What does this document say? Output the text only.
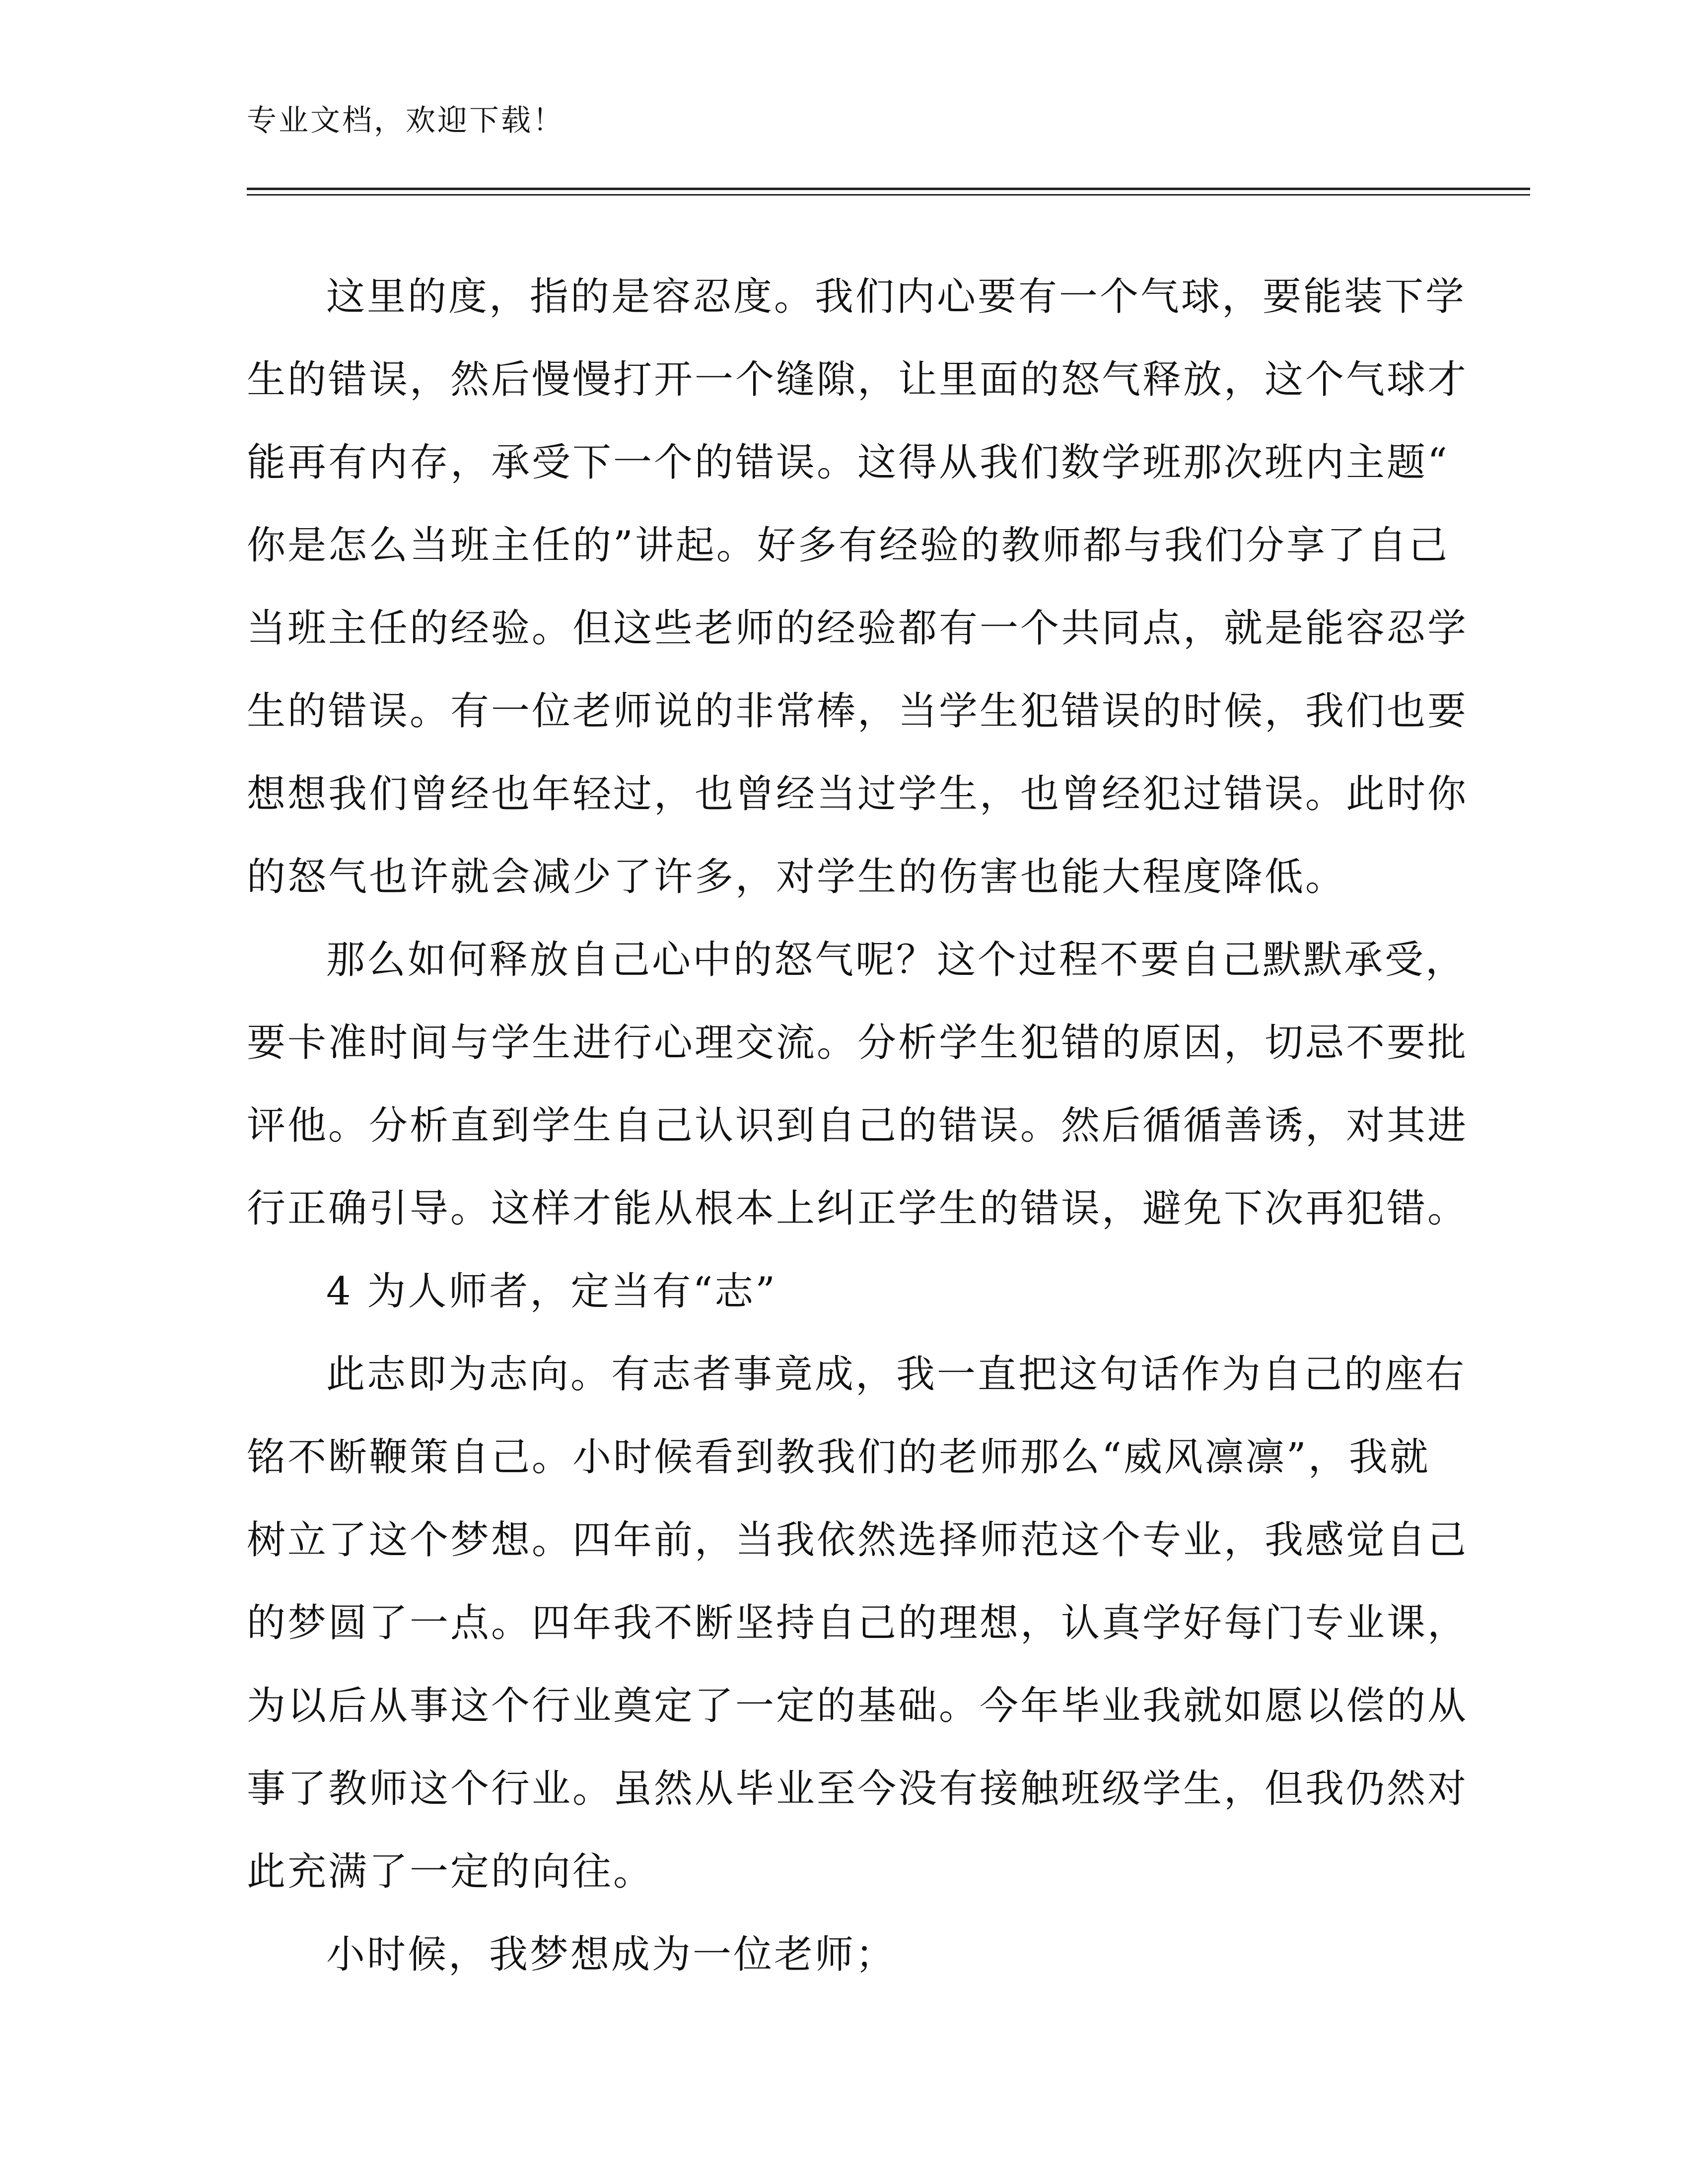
专业文档，欢迎下载！
这里的度，指的是容忍度。我们内心要有一个气球，要能装下学
生的错误，然后慢慢打开一个缝隙，让里面的怒气释放，这个气球才
能再有内存，承受下一个的错误。这得从我们数学班那次班内主题“
你是怎么当班主任的”讲起。好多有经验的教师都与我们分享了自己
当班主任的经验。但这些老师的经验都有一个共同点，就是能容忍学
生的错误。有一位老师说的非常棒，当学生犯错误的时候，我们也要
想想我们曾经也年轻过，也曾经当过学生，也曾经犯过错误。此时你
的怒气也许就会减少了许多，对学生的伤害也能大程度降低。
那么如何释放自己心中的怒气呢？这个过程不要自己默默承受，
要卡准时间与学生进行心理交流。分析学生犯错的原因，切忌不要批
评他。分析直到学生自己认识到自己的错误。然后循循善诱，对其进
行正确引导。这样才能从根本上纠正学生的错误，避免下次再犯错。
4 为人师者，定当有“志”
此志即为志向。有志者事竟成，我一直把这句话作为自己的座右
铭不断鞭策自己。小时候看到教我们的老师那么“威风凛凛”，我就
树立了这个梦想。四年前，当我依然选择师范这个专业，我感觉自己
的梦圆了一点。四年我不断坚持自己的理想，认真学好每门专业课，
为以后从事这个行业奠定了一定的基础。今年毕业我就如愿以偿的从
事了教师这个行业。虽然从毕业至今没有接触班级学生，但我仍然对
此充满了一定的向往。
小时候，我梦想成为一位老师；
